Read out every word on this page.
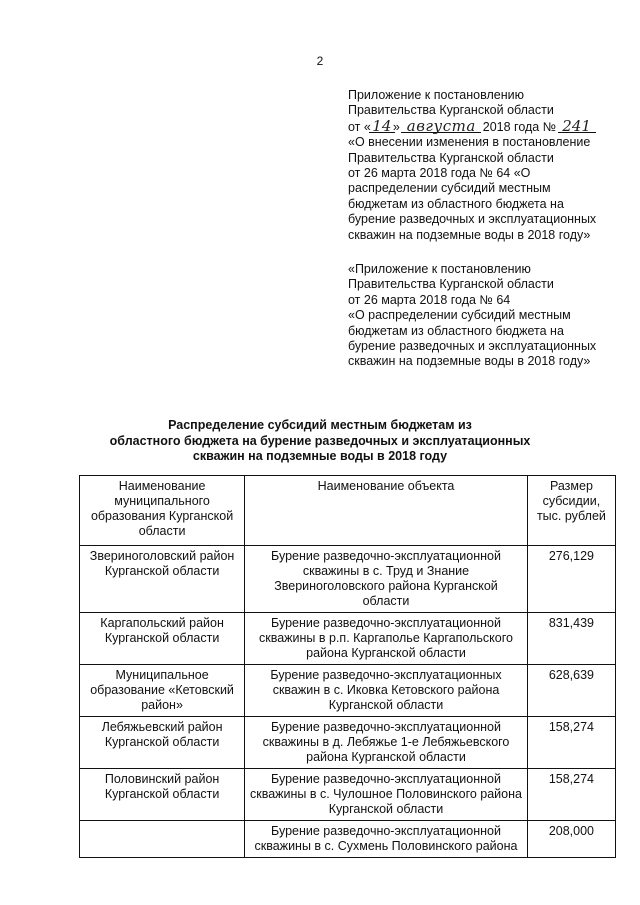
2
Приложение к постановлению
Правительства Курганской области
от «14
» августа 2018 года № 241
«О внесении изменения в постановление
Правительства Курганской области
от 26 марта 2018 года № 64 «О
распределении субсидий местным
бюджетам из областного бюджета на
бурение разведочных и эксплуатационных
скважин на подземные воды в 2018 году»
«Приложение к постановлению
Правительства Курганской области
от 26 марта 2018 года № 64
«О распределении субсидий местным
бюджетам из областного бюджета на
бурение разведочных и эксплуатационных
скважин на подземные воды в 2018 году»
Распределение субсидий местным бюджетам из
областного бюджета на бурение разведочных и эксплуатационных
скважин на подземные воды в 2018 году
Наименование муниципального образования Курганской области	Наименование объекта	Размер субсидии, тыс. рублей
Звериноголовский район Курганской области	Бурение разведочно-эксплуатационной скважины в с. Труд и Знание Звериноголовского района Курганской области	276,129
Каргапольский район Курганской области	Бурение разведочно-эксплуатационной скважины в р.п. Каргаполье Каргапольского района Курганской области	831,439
Муниципальное образование «Кетовский район»	Бурение разведочно-эксплуатационных скважин в с. Иковка Кетовского района Курганской области	628,639
Лебяжьевский район Курганской области	Бурение разведочно-эксплуатационной скважины в д. Лебяжье 1-е Лебяжьевского района Курганской области	158,274
Половинский район Курганской области	Бурение разведочно-эксплуатационной скважины в с. Чулошное Половинского района Курганской области	158,274
	Бурение разведочно-эксплуатационной скважины в с. Сухмень Половинского района	208,000
